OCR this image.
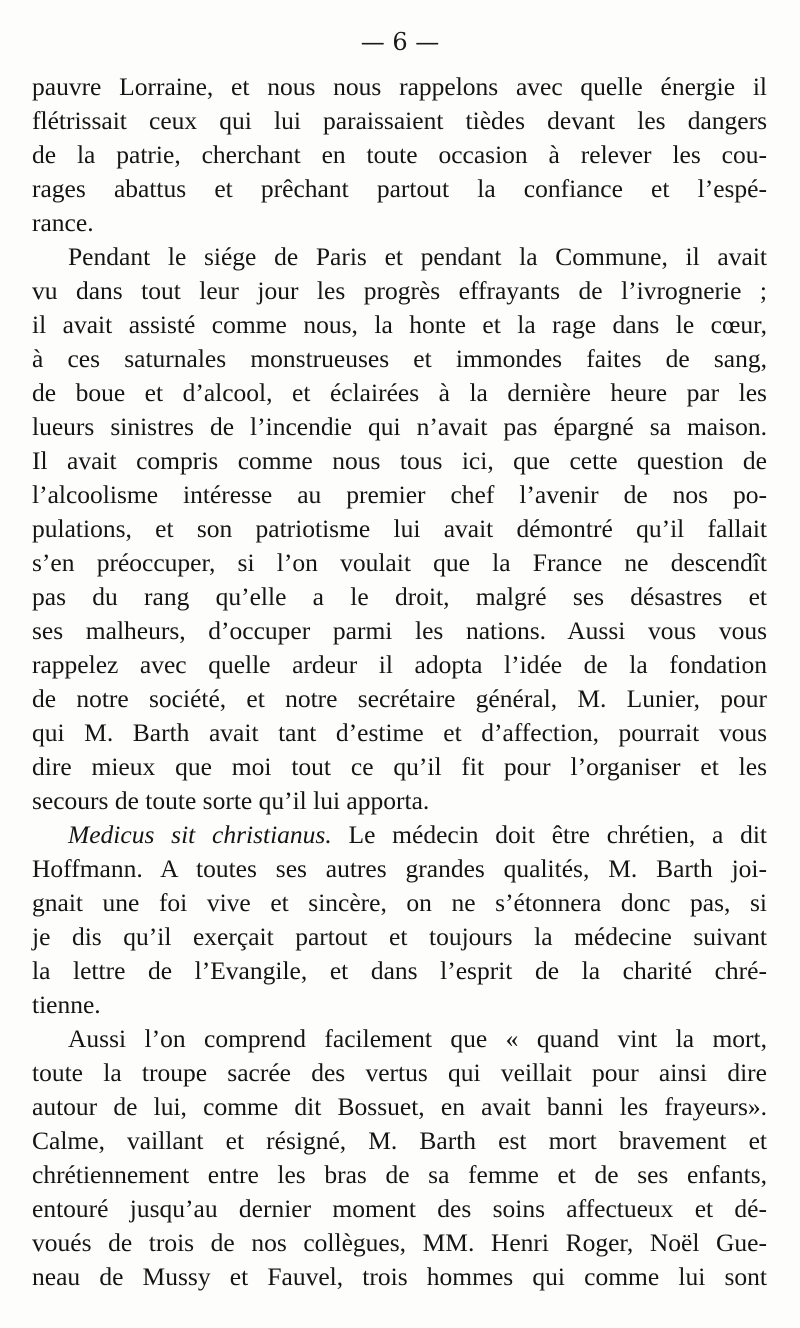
— 6 —

pauvre Lorraine, et nous nous rappelons avec quelle énergie il
flétrissait ceux qui lui paraissaient tièdes devant les dangers
de la patrie, cherchant en toute occasion à relever les cou-
rages abattus et prêchant partout la confiance et l’espé-
rance.
Pendant le siége de Paris et pendant la Commune, il avait
vu dans tout leur jour les progrès effrayants de l’ivrognerie ;
il avait assisté comme nous, la honte et la rage dans le cœur,
à ces saturnales monstrueuses et immondes faites de sang,
de boue et d’alcool, et éclairées à la dernière heure par les
lueurs sinistres de l’incendie qui n’avait pas épargné sa maison.
Il avait compris comme nous tous ici, que cette question de
l’alcoolisme intéresse au premier chef l’avenir de nos po-
pulations, et son patriotisme lui avait démontré qu’il fallait
s’en préoccuper, si l’on voulait que la France ne descendît
pas du rang qu’elle a le droit, malgré ses désastres et
ses malheurs, d’occuper parmi les nations. Aussi vous vous
rappelez avec quelle ardeur il adopta l’idée de la fondation
de notre société, et notre secrétaire général, M. Lunier, pour
qui M. Barth avait tant d’estime et d’affection, pourrait vous
dire mieux que moi tout ce qu’il fit pour l’organiser et les
secours de toute sorte qu’il lui apporta.
Medicus sit christianus. Le médecin doit être chrétien, a dit
Hoffmann. A toutes ses autres grandes qualités, M. Barth joi-
gnait une foi vive et sincère, on ne s’étonnera donc pas, si
je dis qu’il exerçait partout et toujours la médecine suivant
la lettre de l’Evangile, et dans l’esprit de la charité chré-
tienne.
Aussi l’on comprend facilement que « quand vint la mort,
toute la troupe sacrée des vertus qui veillait pour ainsi dire
autour de lui, comme dit Bossuet, en avait banni les frayeurs».
Calme, vaillant et résigné, M. Barth est mort bravement et
chrétiennement entre les bras de sa femme et de ses enfants,
entouré jusqu’au dernier moment des soins affectueux et dé-
voués de trois de nos collègues, MM. Henri Roger, Noël Gue-
neau de Mussy et Fauvel, trois hommes qui comme lui sont
